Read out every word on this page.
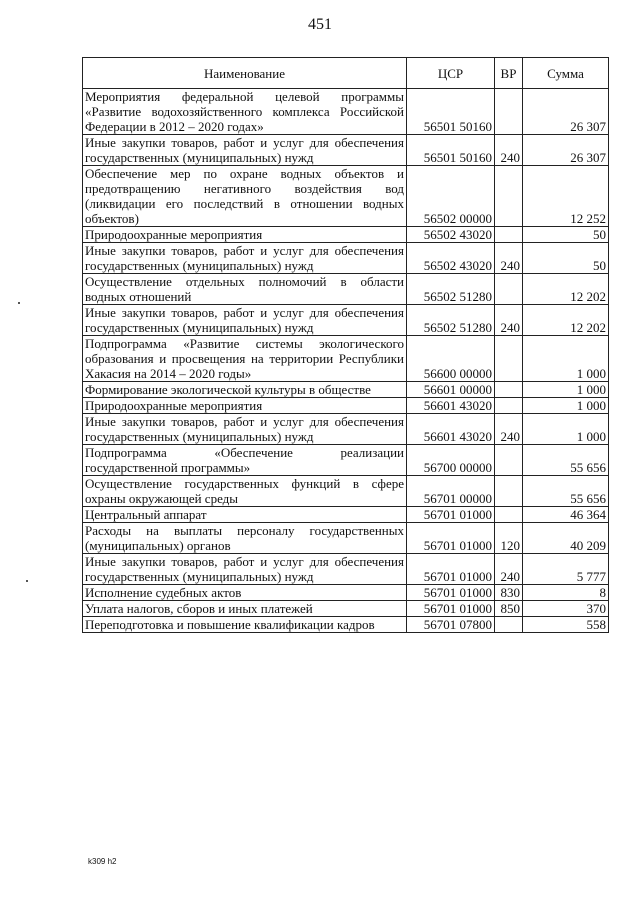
451
Наименование	ЦСР	ВР	Сумма
Мероприятия федеральной целевой программы «Развитие водохозяйственного комплекса Российской Федерации в 2012 – 2020 годах»	56501 50160		26 307
Иные закупки товаров, работ и услуг для обеспечения государственных (муниципальных) нужд	56501 50160	240	26 307
Обеспечение мер по охране водных объектов и предотвращению негативного воздействия вод (ликвидации его последствий в отношении водных объектов)	56502 00000		12 252
Природоохранные мероприятия	56502 43020		50
Иные закупки товаров, работ и услуг для обеспечения государственных (муниципальных) нужд	56502 43020	240	50
Осуществление отдельных полномочий в области водных отношений	56502 51280		12 202
Иные закупки товаров, работ и услуг для обеспечения государственных (муниципальных) нужд	56502 51280	240	12 202
Подпрограмма «Развитие системы экологического образования и просвещения на территории Республики Хакасия на 2014 – 2020 годы»	56600 00000		1 000
Формирование экологической культуры в обществе	56601 00000		1 000
Природоохранные мероприятия	56601 43020		1 000
Иные закупки товаров, работ и услуг для обеспечения государственных (муниципальных) нужд	56601 43020	240	1 000
Подпрограмма «Обеспечение реализации государственной программы»	56700 00000		55 656
Осуществление государственных функций в сфере охраны окружающей среды	56701 00000		55 656
Центральный аппарат	56701 01000		46 364
Расходы на выплаты персоналу государственных (муниципальных) органов	56701 01000	120	40 209
Иные закупки товаров, работ и услуг для обеспечения государственных (муниципальных) нужд	56701 01000	240	5 777
Исполнение судебных актов	56701 01000	830	8
Уплата налогов, сборов и иных платежей	56701 01000	850	370
Переподготовка и повышение квалификации кадров	56701 07800		558
k309 h2
